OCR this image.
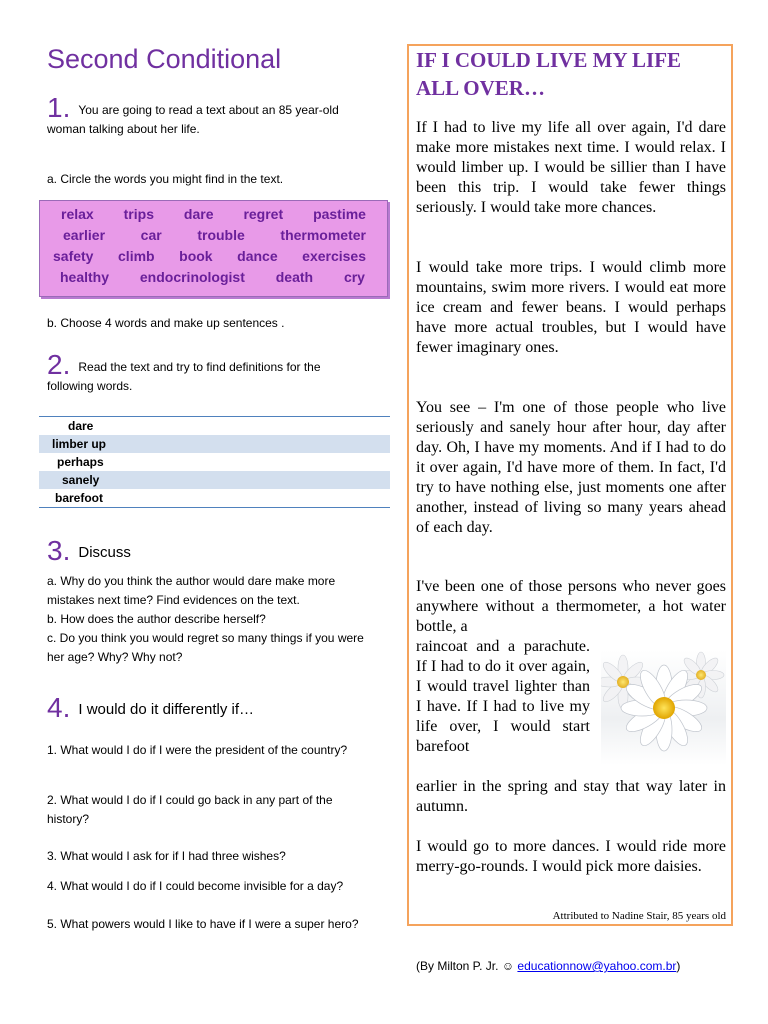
Second Conditional
1. You are going to read a text about an 85 year-old woman talking about her life.
a. Circle the words you might find in the text.
relax trips dare regret pastime
earlier	car	trouble	thermometer
safety climb book dance exercises
healthy endocrinologist death cry
b. Choose 4 words and make up sentences .
2. Read the text and try to find definitions for the following words.
dare
limber up
perhaps
sanely
barefoot
3. Discuss
a. Why do you think the author would dare make more mistakes next time? Find evidences on the text.
b. How does the author describe herself?
c. Do you think you would regret so many things if you were her age? Why? Why not?
4. I would do it differently if…
1. What would I do if I were the president of the country?
2. What would I do if I could go back in any part of the history?
3. What would I ask for if I had three wishes?
4. What would I do if I could become invisible for a day?
5. What powers would I like to have if I were a super hero?
IF I COULD LIVE MY LIFE ALL OVER…
If I had to live my life all over again, I'd dare make more mistakes next time. I would relax. I would limber up. I would be sillier than I have been this trip. I would take fewer things seriously. I would take more chances.
I would take more trips. I would climb more mountains, swim more rivers. I would eat more ice cream and fewer beans. I would perhaps have more actual troubles, but I would have fewer imaginary ones.
You see – I'm one of those people who live seriously and sanely hour after hour, day after day. Oh, I have my moments. And if I had to do it over again, I'd have more of them. In fact, I'd try to have nothing else, just moments one after another, instead of living so many years ahead of each day.
I've been one of those persons who never goes anywhere without a thermometer, a hot water bottle, a
raincoat and a parachute. If I had to do it over again, I would travel lighter than I have. If I had to live my life over, I would start barefoot
earlier in the spring and stay that way later in autumn.
I would go to more dances. I would ride more merry-go-rounds. I would pick more daisies.
Attributed to Nadine Stair, 85 years old
(By Milton P. Jr. ☺ educationnow@yahoo.com.br)
